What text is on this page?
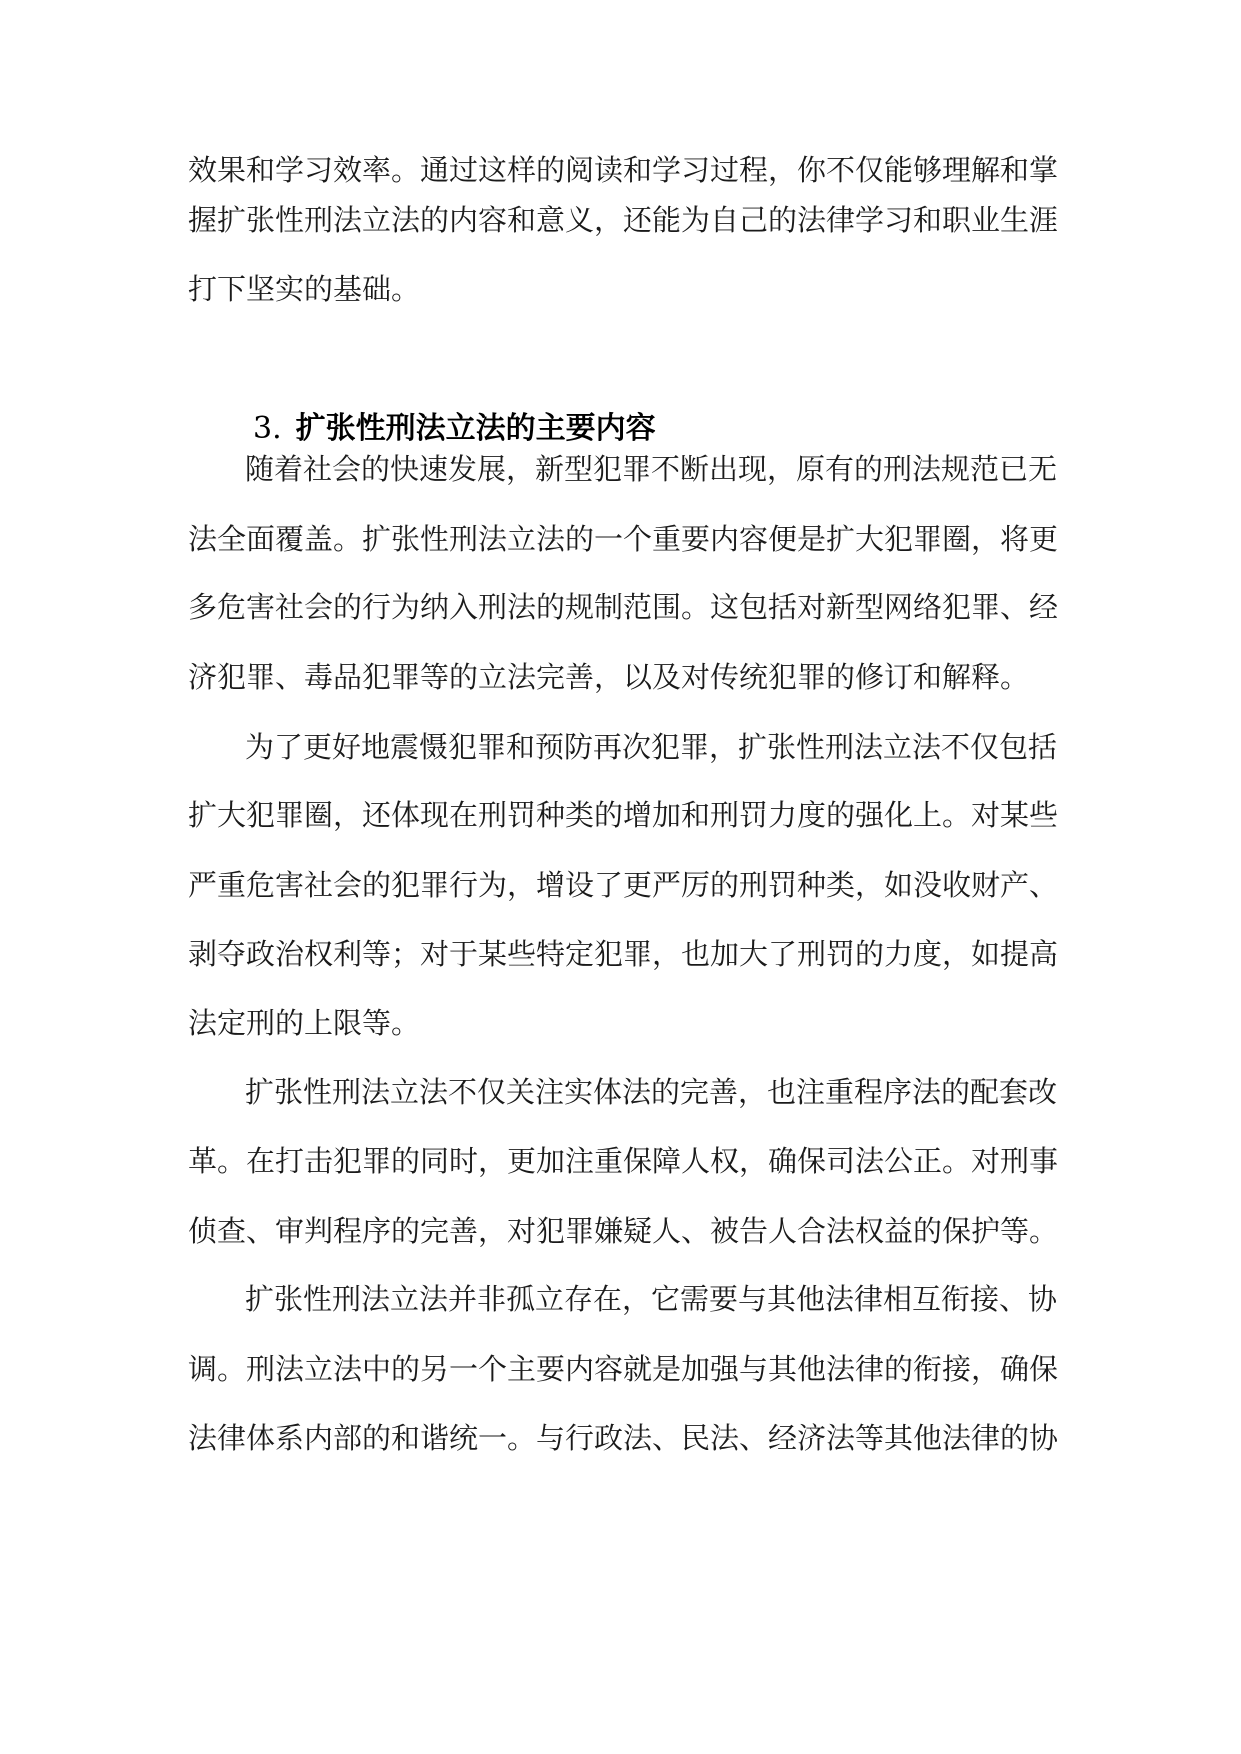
效果和学习效率。通过这样的阅读和学习过程，你不仅能够理解和掌

握扩张性刑法立法的内容和意义，还能为自己的法律学习和职业生涯

打下坚实的基础。

3. 扩张性刑法立法的主要内容

随着社会的快速发展，新型犯罪不断出现，原有的刑法规范已无

法全面覆盖。扩张性刑法立法的一个重要内容便是扩大犯罪圈，将更

多危害社会的行为纳入刑法的规制范围。这包括对新型网络犯罪、经

济犯罪、毒品犯罪等的立法完善，以及对传统犯罪的修订和解释。

为了更好地震慑犯罪和预防再次犯罪，扩张性刑法立法不仅包括

扩大犯罪圈，还体现在刑罚种类的增加和刑罚力度的强化上。对某些

严重危害社会的犯罪行为，增设了更严厉的刑罚种类，如没收财产、

剥夺政治权利等；对于某些特定犯罪，也加大了刑罚的力度，如提高

法定刑的上限等。

扩张性刑法立法不仅关注实体法的完善，也注重程序法的配套改

革。在打击犯罪的同时，更加注重保障人权，确保司法公正。对刑事

侦查、审判程序的完善，对犯罪嫌疑人、被告人合法权益的保护等。

扩张性刑法立法并非孤立存在，它需要与其他法律相互衔接、协

调。刑法立法中的另一个主要内容就是加强与其他法律的衔接，确保

法律体系内部的和谐统一。与行政法、民法、经济法等其他法律的协
